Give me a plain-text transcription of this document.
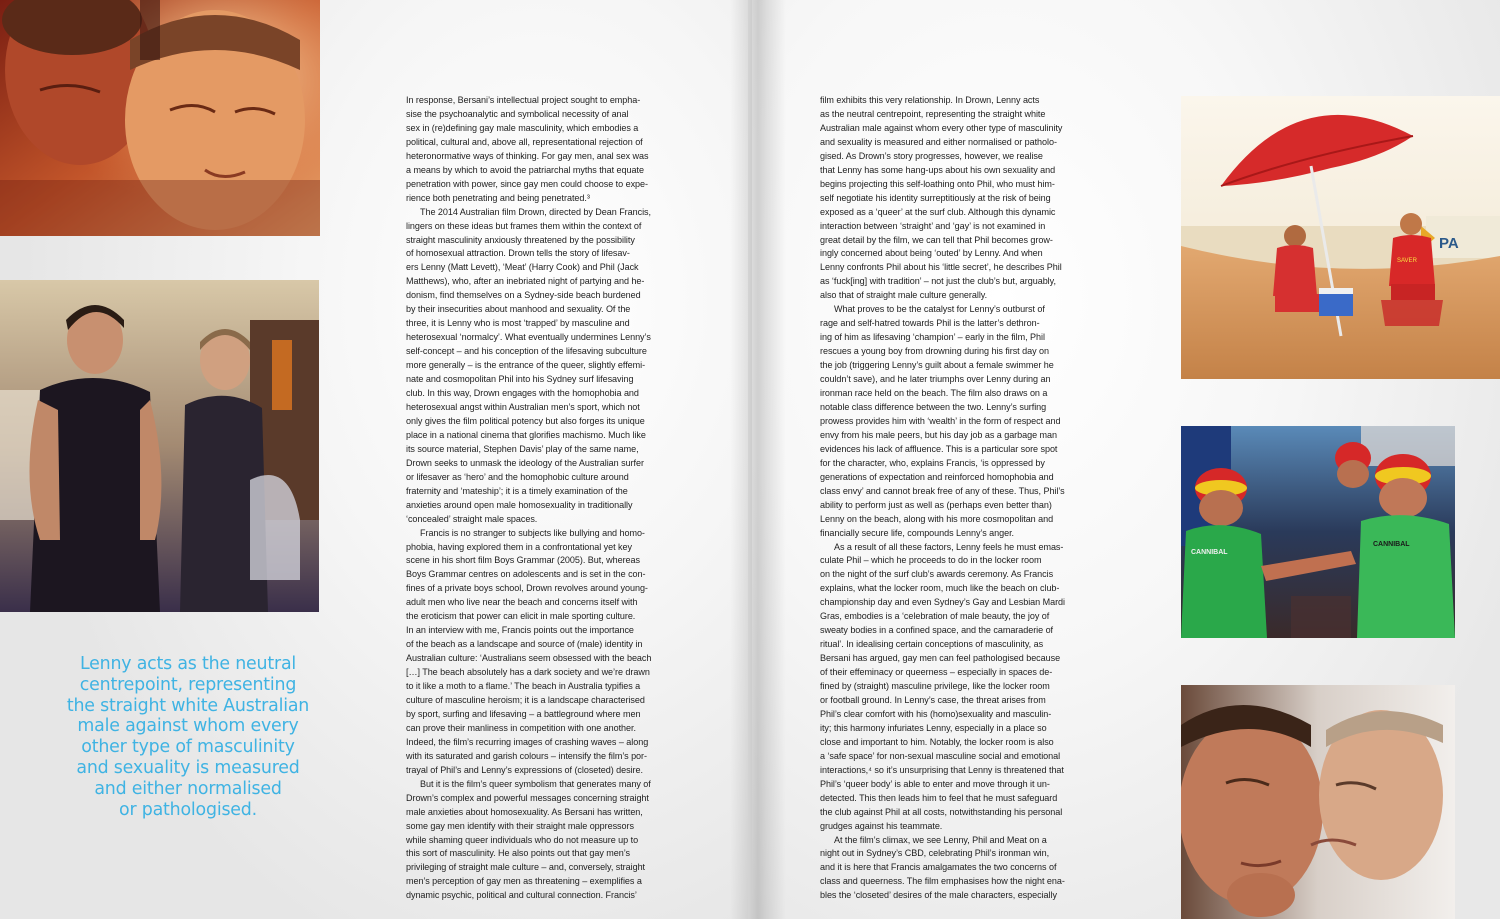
Lenny acts as the neutral
centrepoint, representing
the straight white Australian
male against whom every
other type of masculinity
and sexuality is measured
and either normalised
or pathologised.
In response, Bersani’s intellectual project sought to empha-
sise the psychoanalytic and symbolical necessity of anal
sex in (re)defining gay male masculinity, which embodies a
political, cultural and, above all, representational rejection of
heteronormative ways of thinking. For gay men, anal sex was
a means by which to avoid the patriarchal myths that equate
penetration with power, since gay men could choose to expe-
rience both penetrating and being penetrated.³
The 2014 Australian film Drown, directed by Dean Francis,
lingers on these ideas but frames them within the context of
straight masculinity anxiously threatened by the possibility
of homosexual attraction. Drown tells the story of lifesav-
ers Lenny (Matt Levett), ‘Meat’ (Harry Cook) and Phil (Jack
Matthews), who, after an inebriated night of partying and he-
donism, find themselves on a Sydney-side beach burdened
by their insecurities about manhood and sexuality. Of the
three, it is Lenny who is most ‘trapped’ by masculine and
heterosexual ‘normalcy’. What eventually undermines Lenny’s
self-concept – and his conception of the lifesaving subculture
more generally – is the entrance of the queer, slightly effemi-
nate and cosmopolitan Phil into his Sydney surf lifesaving
club. In this way, Drown engages with the homophobia and
heterosexual angst within Australian men’s sport, which not
only gives the film political potency but also forges its unique
place in a national cinema that glorifies machismo. Much like
its source material, Stephen Davis’ play of the same name,
Drown seeks to unmask the ideology of the Australian surfer
or lifesaver as ‘hero’ and the homophobic culture around
fraternity and ‘mateship’; it is a timely examination of the
anxieties around open male homosexuality in traditionally
‘concealed’ straight male spaces.
Francis is no stranger to subjects like bullying and homo-
phobia, having explored them in a confrontational yet key
scene in his short film Boys Grammar (2005). But, whereas
Boys Grammar centres on adolescents and is set in the con-
fines of a private boys school, Drown revolves around young-
adult men who live near the beach and concerns itself with
the eroticism that power can elicit in male sporting culture.
In an interview with me, Francis points out the importance
of the beach as a landscape and source of (male) identity in
Australian culture: ‘Australians seem obsessed with the beach
[…] The beach absolutely has a dark society and we’re drawn
to it like a moth to a flame.’ The beach in Australia typifies a
culture of masculine heroism; it is a landscape characterised
by sport, surfing and lifesaving – a battleground where men
can prove their manliness in competition with one another.
Indeed, the film’s recurring images of crashing waves – along
with its saturated and garish colours – intensify the film’s por-
trayal of Phil’s and Lenny’s expressions of (closeted) desire.
But it is the film’s queer symbolism that generates many of
Drown’s complex and powerful messages concerning straight
male anxieties about homosexuality. As Bersani has written,
some gay men identify with their straight male oppressors
while shaming queer individuals who do not measure up to
this sort of masculinity. He also points out that gay men’s
privileging of straight male culture – and, conversely, straight
men’s perception of gay men as threatening – exemplifies a
dynamic psychic, political and cultural connection. Francis’
film exhibits this very relationship. In Drown, Lenny acts
as the neutral centrepoint, representing the straight white
Australian male against whom every other type of masculinity
and sexuality is measured and either normalised or patholo-
gised. As Drown’s story progresses, however, we realise
that Lenny has some hang-ups about his own sexuality and
begins projecting this self-loathing onto Phil, who must him-
self negotiate his identity surreptitiously at the risk of being
exposed as a ‘queer’ at the surf club. Although this dynamic
interaction between ‘straight’ and ‘gay’ is not examined in
great detail by the film, we can tell that Phil becomes grow-
ingly concerned about being ‘outed’ by Lenny. And when
Lenny confronts Phil about his ‘little secret’, he describes Phil
as ‘fuck[ing] with tradition’ – not just the club’s but, arguably,
also that of straight male culture generally.
What proves to be the catalyst for Lenny’s outburst of
rage and self-hatred towards Phil is the latter’s dethron-
ing of him as lifesaving ‘champion’ – early in the film, Phil
rescues a young boy from drowning during his first day on
the job (triggering Lenny’s guilt about a female swimmer he
couldn’t save), and he later triumphs over Lenny during an
ironman race held on the beach. The film also draws on a
notable class difference between the two. Lenny’s surfing
prowess provides him with ‘wealth’ in the form of respect and
envy from his male peers, but his day job as a garbage man
evidences his lack of affluence. This is a particular sore spot
for the character, who, explains Francis, ‘is oppressed by
generations of expectation and reinforced homophobia and
class envy’ and cannot break free of any of these. Thus, Phil’s
ability to perform just as well as (perhaps even better than)
Lenny on the beach, along with his more cosmopolitan and
financially secure life, compounds Lenny’s anger.
As a result of all these factors, Lenny feels he must emas-
culate Phil – which he proceeds to do in the locker room
on the night of the surf club’s awards ceremony. As Francis
explains, what the locker room, much like the beach on club-
championship day and even Sydney’s Gay and Lesbian Mardi
Gras, embodies is a ‘celebration of male beauty, the joy of
sweaty bodies in a confined space, and the camaraderie of
ritual’. In idealising certain conceptions of masculinity, as
Bersani has argued, gay men can feel pathologised because
of their effeminacy or queerness – especially in spaces de-
fined by (straight) masculine privilege, like the locker room
or football ground. In Lenny’s case, the threat arises from
Phil’s clear comfort with his (homo)sexuality and masculin-
ity; this harmony infuriates Lenny, especially in a place so
close and important to him. Notably, the locker room is also
a ‘safe space’ for non-sexual masculine social and emotional
interactions,⁴ so it’s unsurprising that Lenny is threatened that
Phil’s ‘queer body’ is able to enter and move through it un-
detected. This then leads him to feel that he must safeguard
the club against Phil at all costs, notwithstanding his personal
grudges against his teammate.
At the film’s climax, we see Lenny, Phil and Meat on a
night out in Sydney’s CBD, celebrating Phil’s ironman win,
and it is here that Francis amalgamates the two concerns of
class and queerness. The film emphasises how the night ena-
bles the ‘closeted’ desires of the male characters, especially
PA
SAVER
CANNIBAL
CANNIBAL
